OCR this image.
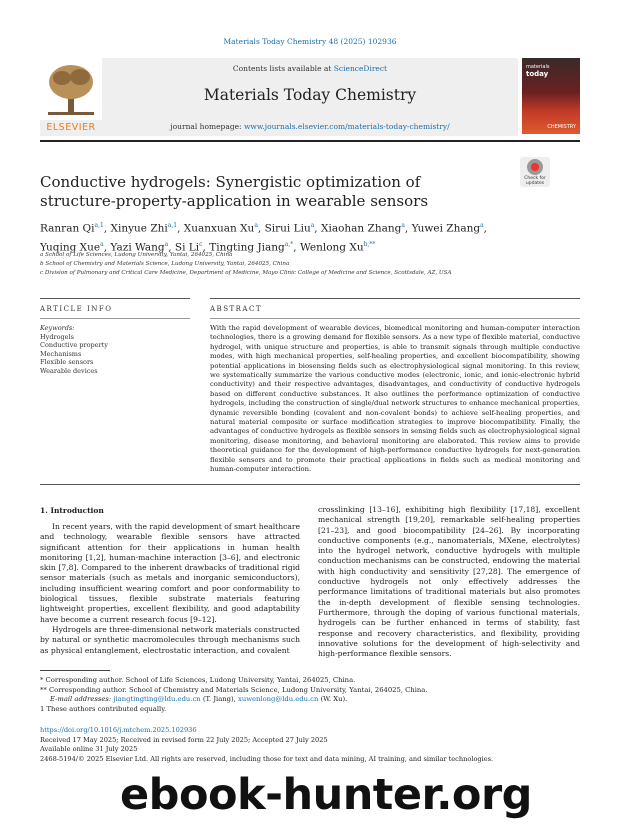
Materials Today Chemistry 48 (2025) 102936
ELSEVIER
Contents lists available at ScienceDirect
Materials Today Chemistry
journal homepage: www.journals.elsevier.com/materials-today-chemistry/
materials
today
CHEMISTRY
Check for updates
Conductive hydrogels: Synergistic optimization of
structure-property-application in wearable sensors
Ranran Qi$^{a,1}$, Xinyue Zhi$^{a,1}$, Xuanxuan Xu$^a$, Sirui Liu$^a$, Xiaohan Zhang$^a$, Yuwei Zhang$^a$,
Yuqing Xue$^a$, Yazi Wang$^a$, Si Li$^c$, Tingting Jiang$^{a,*}$, Wenlong $Xu^{b,**}$
a School of Life Sciences, Ludong University, Yantai, 264025, China
b School of Chemistry and Materials Science, Ludong University, Yantai, 264025, China
c Division of Pulmonary and Critical Care Medicine, Department of Medicine, Mayo Clinic College of Medicine and Science, Scottsdale, AZ, USA
ARTICLE INFO	ABSTRACT
Keywords:
Hydrogels
Conductive property
Mechanisms
Flexible sensors
Wearable devices
With the rapid development of wearable devices, biomedical monitoring and human-computer interaction technologies, there is a growing demand for flexible sensors. As a new type of flexible material, conductive hydrogel, with unique structure and properties, is able to transmit signals through multiple conductive modes, with high mechanical properties, self-healing properties, and excellent biocompatibility, showing potential applications in biosensing fields such as electrophysiological signal monitoring. In this review, we systematically summarize the various conductive modes (electronic, ionic, and ionic-electronic hybrid conductivity) and their respective advantages, disadvantages, and conductivity of conductive hydrogels based on different conductive substances. It also outlines the performance optimization of conductive hydrogels, including the construction of single/dual network structures to enhance mechanical properties, dynamic reversible bonding (covalent and non-covalent bonds) to achieve self-healing properties, and natural material composite or surface modification strategies to improve biocompatibility. Finally, the advantages of conductive hydrogels as flexible sensors in sensing fields such as electrophysiological signal monitoring, disease monitoring, and behavioral monitoring are elaborated. This review aims to provide theoretical guidance for the development of high-performance conductive hydrogels for next-generation flexible sensors and to promote their practical applications in fields such as medical monitoring and human-computer interaction.
1. Introduction

In recent years, with the rapid development of smart healthcare and technology, wearable flexible sensors have attracted significant attention for their applications in human health monitoring [1,2], human-machine interaction [3–6], and electronic skin [7,8]. Compared to the inherent drawbacks of traditional rigid sensor materials (such as metals and inorganic semiconductors), including insufficient wearing comfort and poor conformability to biological tissues, flexible substrate materials featuring lightweight properties, excellent flexibility, and good adaptability have become a current research focus [9–12].

Hydrogels are three-dimensional network materials constructed by natural or synthetic macromolecules through mechanisms such as physical entanglement, electrostatic interaction, and covalent

crosslinking [13–16], exhibiting high flexibility [17,18], excellent mechanical strength [19,20], remarkable self-healing properties [21–23], and good biocompatibility [24–26]. By incorporating conductive components (e.g., nanomaterials, MXene, electrolytes) into the hydrogel network, conductive hydrogels with multiple conduction mechanisms can be constructed, endowing the material with high conductivity and sensitivity [27,28]. The emergence of conductive hydrogels not only effectively addresses the performance limitations of traditional materials but also promotes the in-depth development of flexible sensing technologies. Furthermore, through the doping of various functional materials, hydrogels can be further enhanced in terms of stability, fast response and recovery characteristics, and flexibility, providing innovative solutions for the development of high-selectivity and high-performance flexible sensors.

* Corresponding author. School of Life Sciences, Ludong University, Yantai, 264025, China.
** Corresponding author. School of Chemistry and Materials Science, Ludong University, Yantai, 264025, China.
E-mail addresses: jiangtingting@ldu.edu.cn (T. Jiang), xuwenlong@ldu.edu.cn (W. Xu).
1 These authors contributed equally.
https://doi.org/10.1016/j.mtchem.2025.102936
Received 17 May 2025; Received in revised form 22 July 2025; Accepted 27 July 2025
Available online 31 July 2025
2468-5194/© 2025 Elsevier Ltd. All rights are reserved, including those for text and data mining, AI training, and similar technologies.
ebook-hunter.org
